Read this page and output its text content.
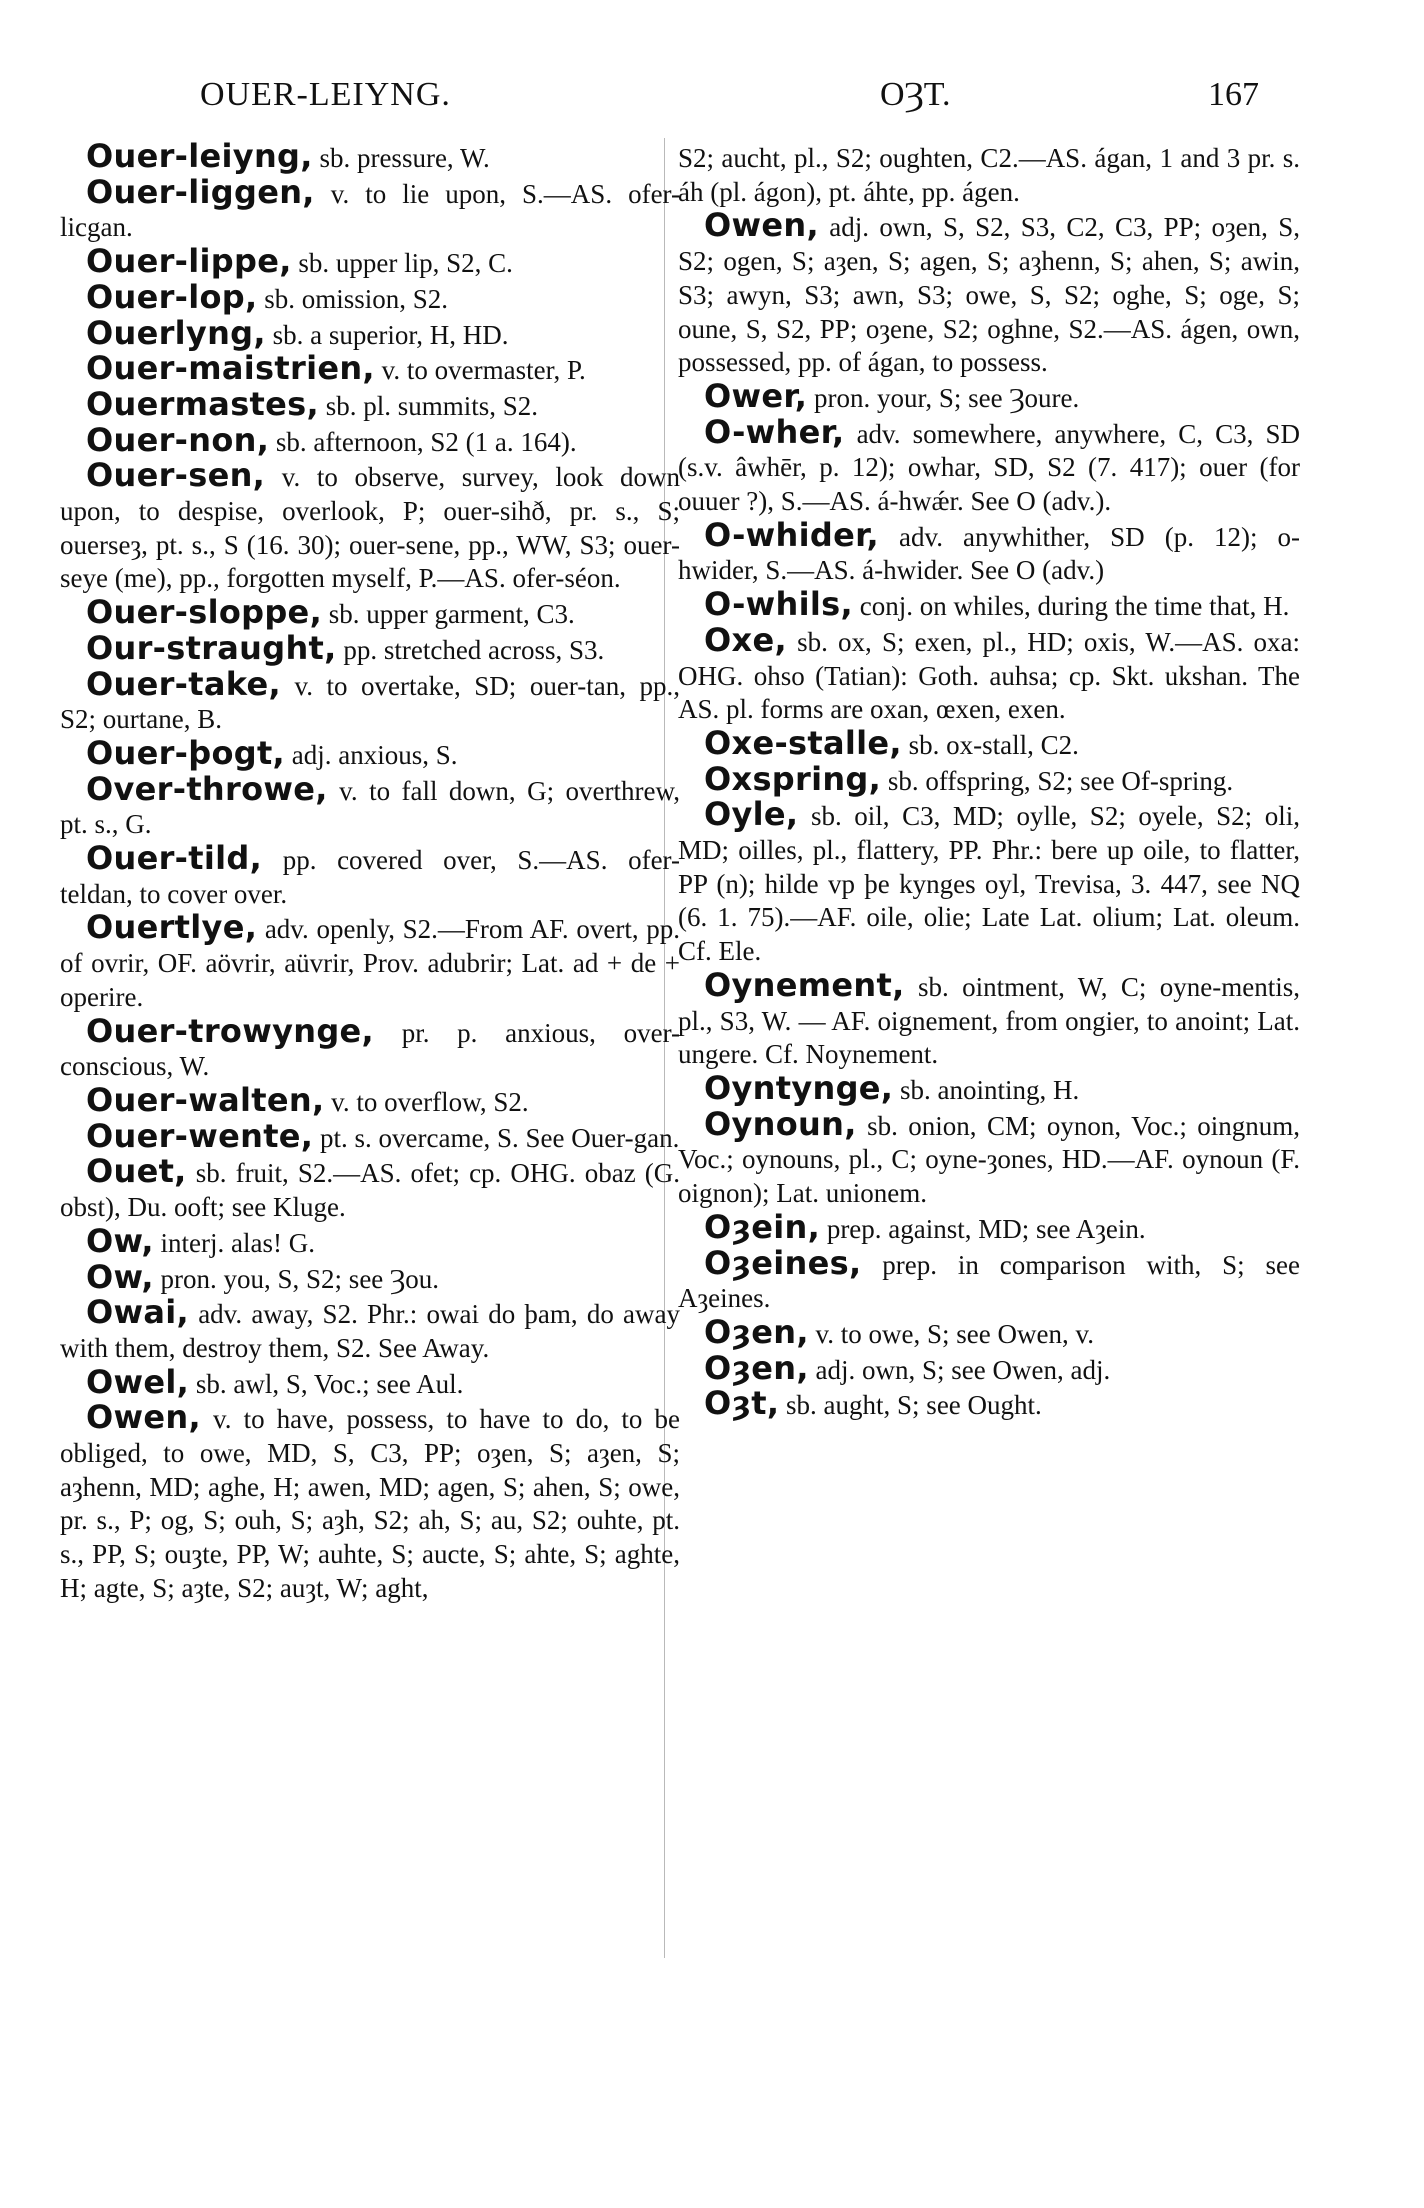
OUER-LEIYNG.	OȜT.	167
Ouer-leiyng, sb. pressure, W.
Ouer-liggen, v. to lie upon, S.—AS. ofer-licgan.
Ouer-lippe, sb. upper lip, S2, C.
Ouer-lop, sb. omission, S2.
Ouerlyng, sb. a superior, H, HD.
Ouer-maistrien, v. to overmaster, P.
Ouermastes, sb. pl. summits, S2.
Ouer-non, sb. afternoon, S2 (1 a. 164).
Ouer-sen, v. to observe, survey, look down upon, to despise, overlook, P; ouer-sihð, pr. s., S; ouerseȝ, pt. s., S (16. 30); ouer-sene, pp., WW, S3; ouer-seye (me), pp., forgotten myself, P.—AS. ofer-séon.
Ouer-sloppe, sb. upper garment, C3.
Our-straught, pp. stretched across, S3.
Ouer-take, v. to overtake, SD; ouer-tan, pp., S2; ourtane, B.
Ouer-þogt, adj. anxious, S.
Over-throwe, v. to fall down, G; overthrew, pt. s., G.
Ouer-tild, pp. covered over, S.—AS. ofer-teldan, to cover over.
Ouertlye, adv. openly, S2.—From AF. overt, pp. of ovrir, OF. aövrir, aüvrir, Prov. adubrir; Lat. ad + de + operire.
Ouer-trowynge, pr. p. anxious, over-conscious, W.
Ouer-walten, v. to overflow, S2.
Ouer-wente, pt. s. overcame, S. See Ouer-gan.
Ouet, sb. fruit, S2.—AS. ofet; cp. OHG. obaz (G. obst), Du. ooft; see Kluge.
Ow, interj. alas! G.
Ow, pron. you, S, S2; see Ȝou.
Owai, adv. away, S2. Phr.: owai do þam, do away with them, destroy them, S2. See Away.
Owel, sb. awl, S, Voc.; see Aul.
Owen, v. to have, possess, to have to do, to be obliged, to owe, MD, S, C3, PP; oȝen, S; aȝen, S; aȝhenn, MD; aghe, H; awen, MD; agen, S; ahen, S; owe, pr. s., P; og, S; ouh, S; aȝh, S2; ah, S; au, S2; ouhte, pt. s., PP, S; ouȝte, PP, W; auhte, S; aucte, S; ahte, S; aghte, H; agte, S; aȝte, S2; auȝt, W; aght,
S2; aucht, pl., S2; oughten, C2.—AS. ágan, 1 and 3 pr. s. áh (pl. ágon), pt. áhte, pp. ágen.
Owen, adj. own, S, S2, S3, C2, C3, PP; oȝen, S, S2; ogen, S; aȝen, S; agen, S; aȝhenn, S; ahen, S; awin, S3; awyn, S3; awn, S3; owe, S, S2; oghe, S; oge, S; oune, S, S2, PP; oȝene, S2; oghne, S2.—AS. ágen, own, possessed, pp. of ágan, to possess.
Ower, pron. your, S; see Ȝoure.
O-wher, adv. somewhere, anywhere, C, C3, SD (s.v. âwhēr, p. 12); owhar, SD, S2 (7. 417); ouer (for ouuer ?), S.—AS. á-hwǽr. See O (adv.).
O-whider, adv. anywhither, SD (p. 12); o-hwider, S.—AS. á-hwider. See O (adv.)
O-whils, conj. on whiles, during the time that, H.
Oxe, sb. ox, S; exen, pl., HD; oxis, W.—AS. oxa: OHG. ohso (Tatian): Goth. auhsa; cp. Skt. ukshan. The AS. pl. forms are oxan, œxen, exen.
Oxe-stalle, sb. ox-stall, C2.
Oxspring, sb. offspring, S2; see Of-spring.
Oyle, sb. oil, C3, MD; oylle, S2; oyele, S2; oli, MD; oilles, pl., flattery, PP. Phr.: bere up oile, to flatter, PP (n); hilde vp þe kynges oyl, Trevisa, 3. 447, see NQ (6. 1. 75).—AF. oile, olie; Late Lat. olium; Lat. oleum. Cf. Ele.
Oynement, sb. ointment, W, C; oyne-mentis, pl., S3, W. — AF. oignement, from ongier, to anoint; Lat. ungere. Cf. Noynement.
Oyntynge, sb. anointing, H.
Oynoun, sb. onion, CM; oynon, Voc.; oingnum, Voc.; oynouns, pl., C; oyne-ȝones, HD.—AF. oynoun (F. oignon); Lat. unionem.
Oȝein, prep. against, MD; see Aȝein.
Oȝeines, prep. in comparison with, S; see Aȝeines.
Oȝen, v. to owe, S; see Owen, v.
Oȝen, adj. own, S; see Owen, adj.
Oȝt, sb. aught, S; see Ought.
